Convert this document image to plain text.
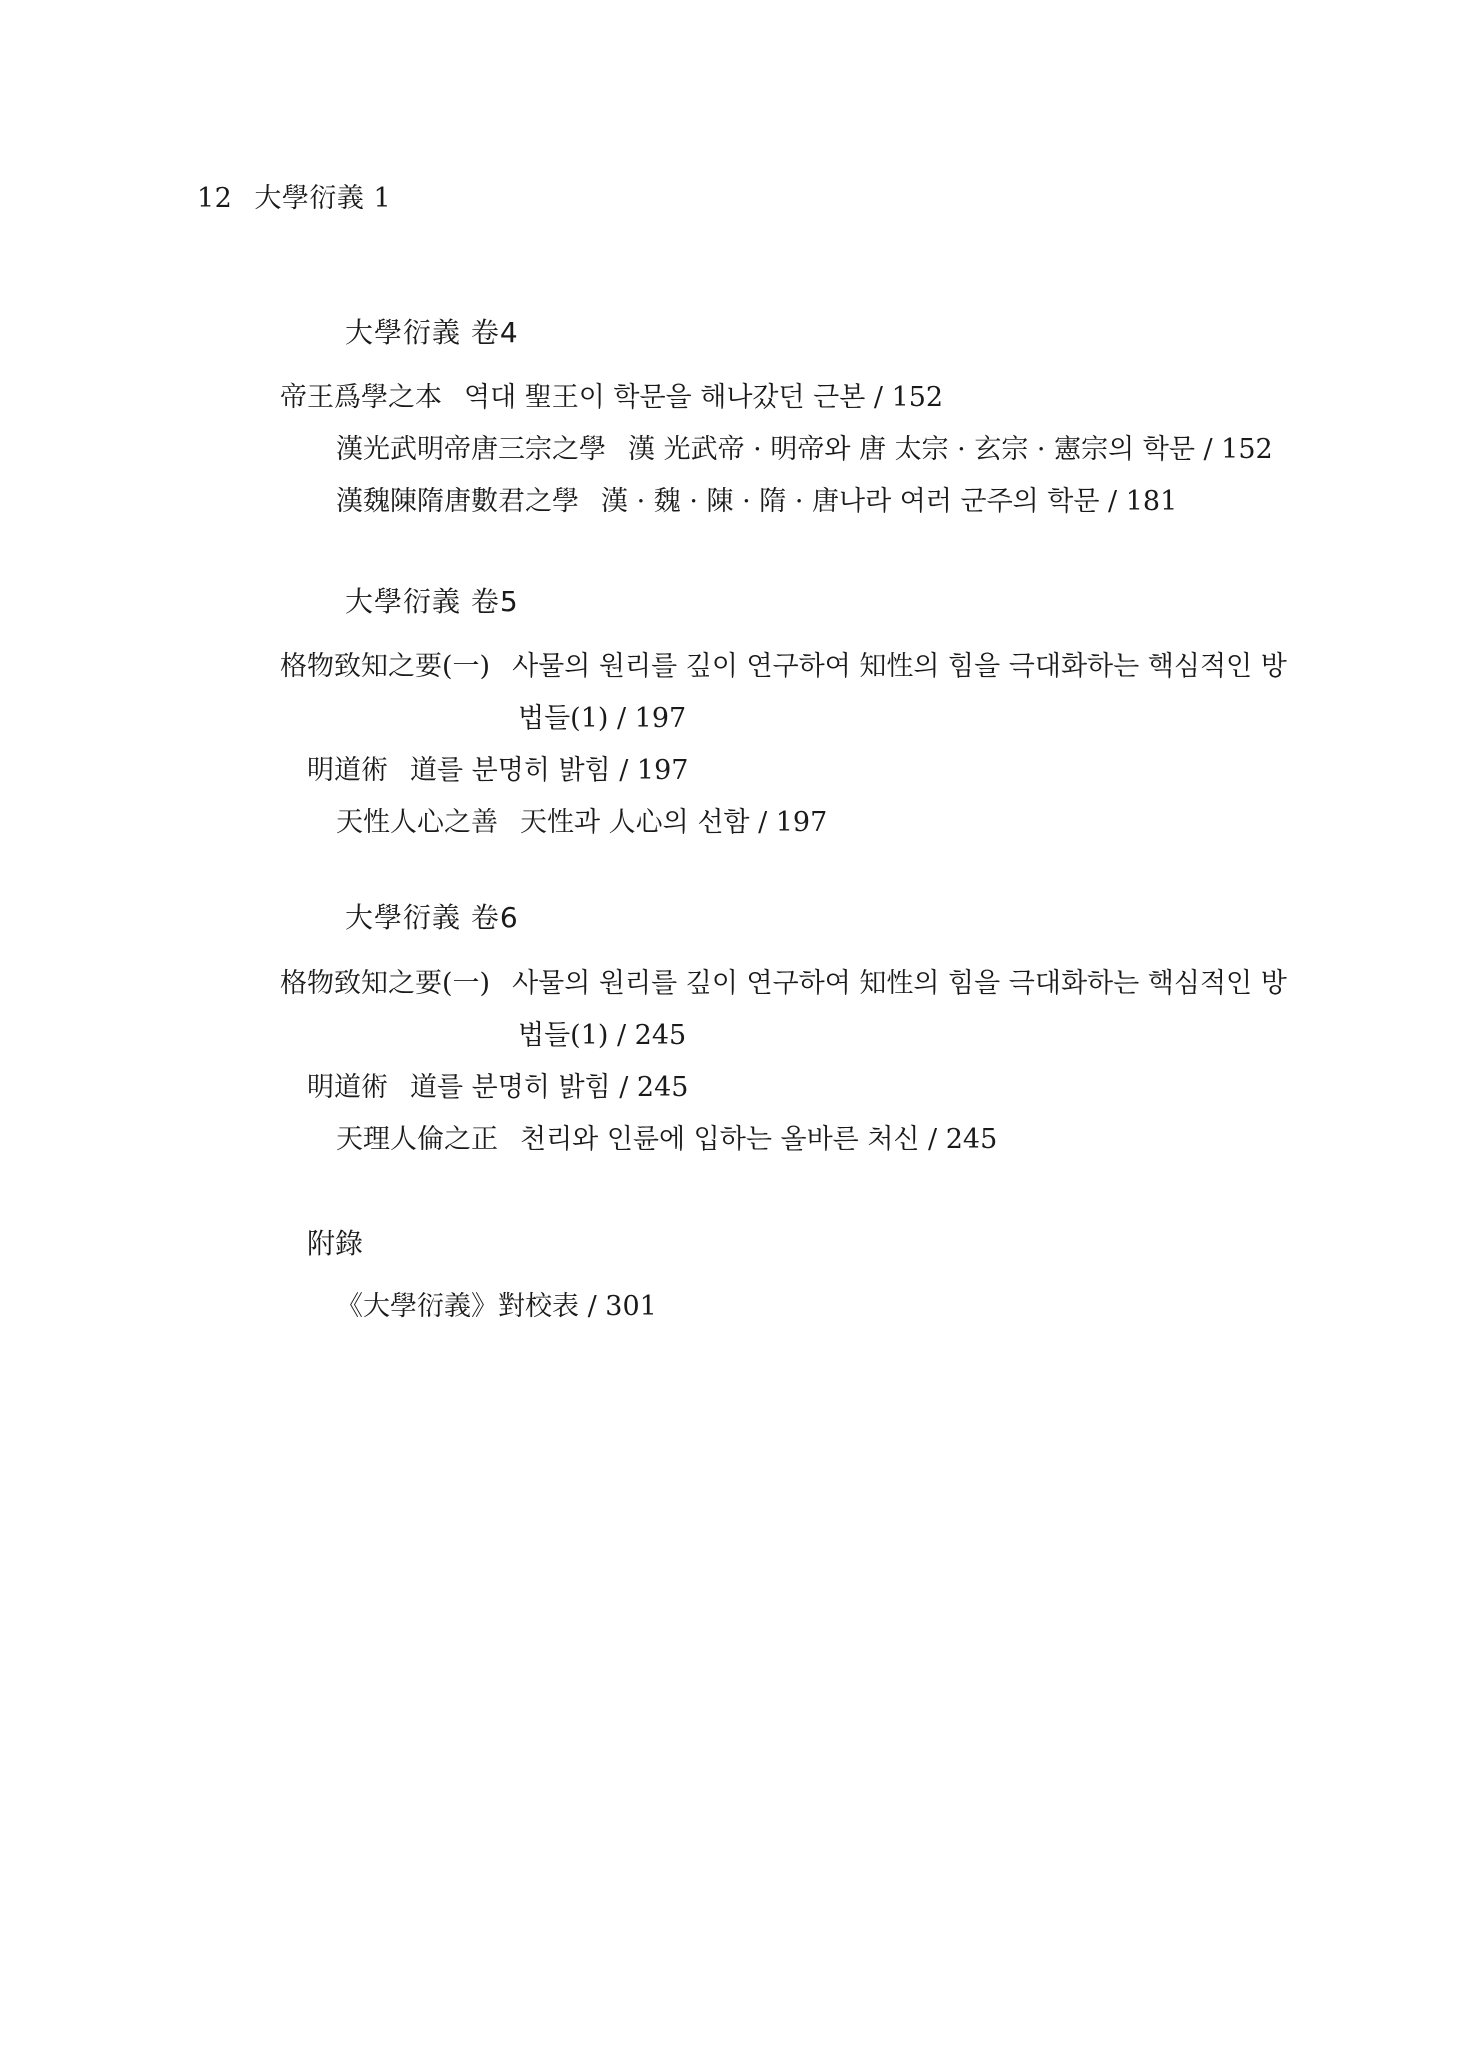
12 大學衍義 1
大學衍義 卷4
帝王爲學之本 역대 聖王이 학문을 해나갔던 근본 / 152
漢光武明帝唐三宗之學 漢 光武帝 · 明帝와 唐 太宗 · 玄宗 · 憲宗의 학문 / 152
漢魏陳隋唐數君之學 漢 · 魏 · 陳 · 隋 · 唐나라 여러 군주의 학문 / 181
大學衍義 卷5
格物致知之要(一) 사물의 원리를 깊이 연구하여 知性의 힘을 극대화하는 핵심적인 방
법들(1) / 197
明道術 道를 분명히 밝힘 / 197
天性人心之善 天性과 人心의 선함 / 197
大學衍義 卷6
格物致知之要(一) 사물의 원리를 깊이 연구하여 知性의 힘을 극대화하는 핵심적인 방
법들(1) / 245
明道術 道를 분명히 밝힘 / 245
天理人倫之正 천리와 인륜에 입하는 올바른 처신 / 245
附錄
《大學衍義》對校表 / 301
